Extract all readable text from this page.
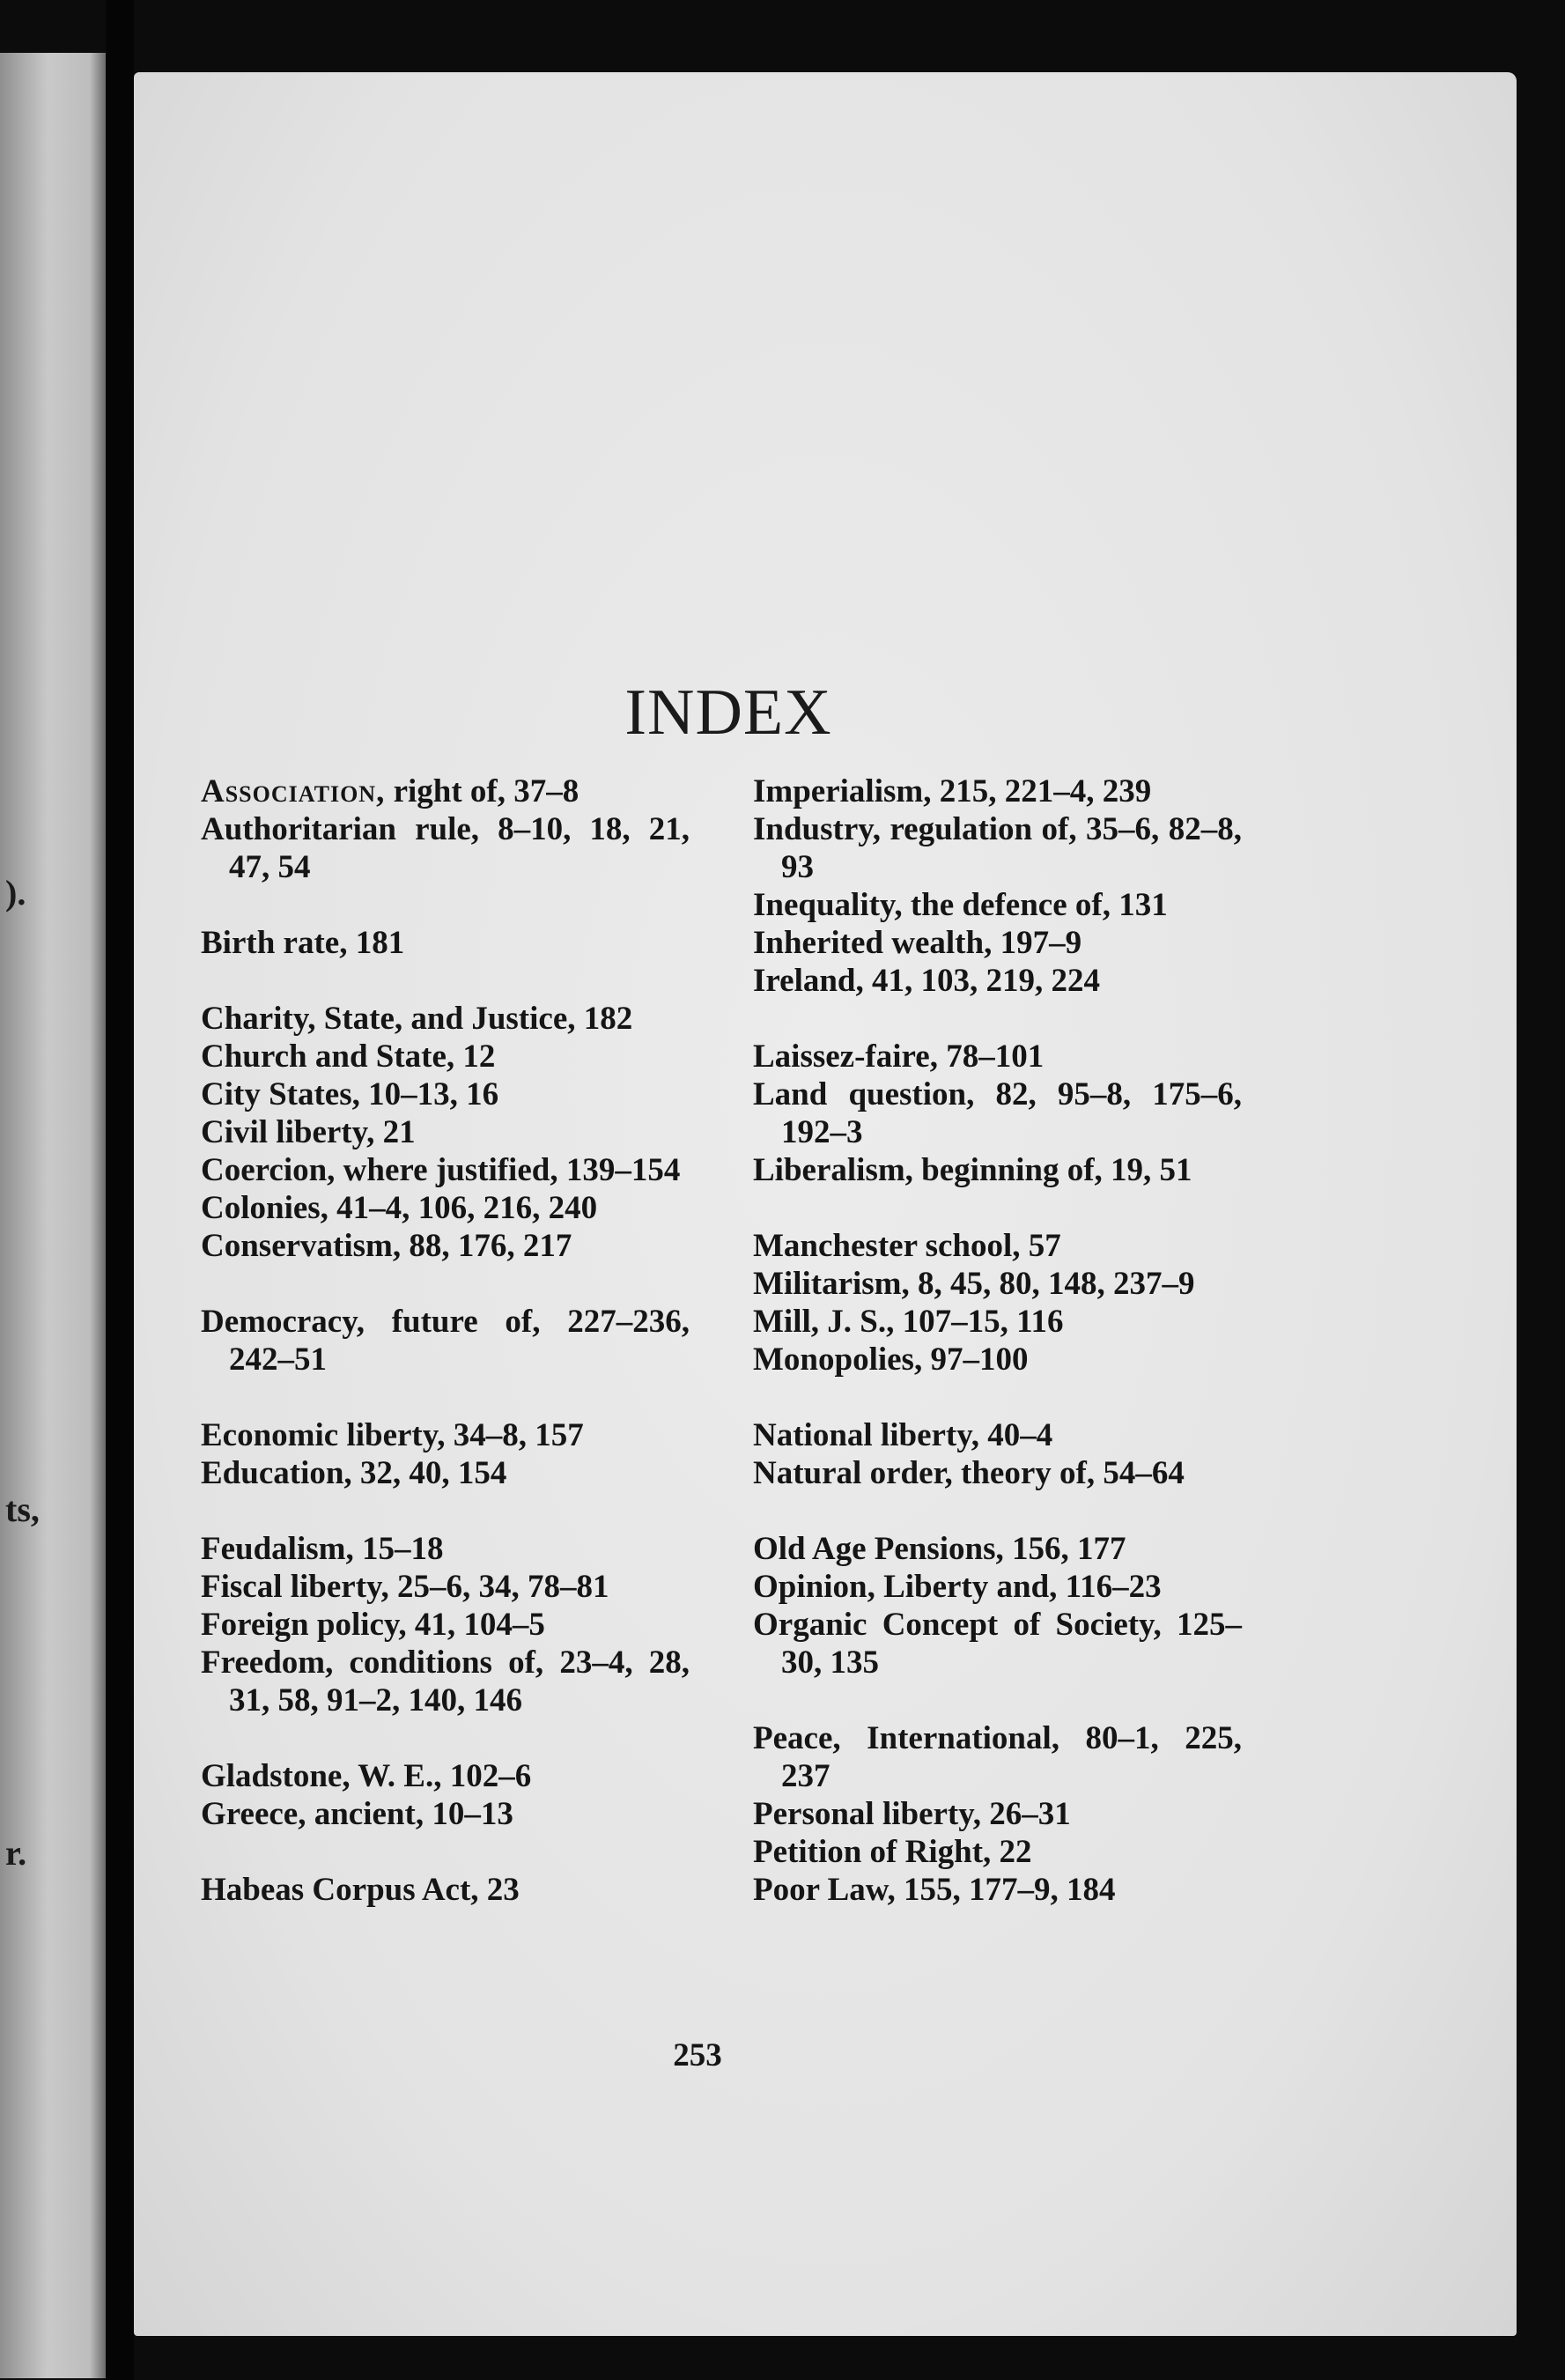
).
ts,
r.
INDEX
Association, right of, 37–8
Authoritarian rule, 8–10, 18, 21, 47, 54
Birth rate, 181
Charity, State, and Justice, 182
Church and State, 12
City States, 10–13, 16
Civil liberty, 21
Coercion, where justified, 139–154
Colonies, 41–4, 106, 216, 240
Conservatism, 88, 176, 217
Democracy, future of, 227–236, 242–51
Economic liberty, 34–8, 157
Education, 32, 40, 154
Feudalism, 15–18
Fiscal liberty, 25–6, 34, 78–81
Foreign policy, 41, 104–5
Freedom, conditions of, 23–4, 28, 31, 58, 91–2, 140, 146
Gladstone, W. E., 102–6
Greece, ancient, 10–13
Habeas Corpus Act, 23
Imperialism, 215, 221–4, 239
Industry, regulation of, 35–6, 82–8, 93
Inequality, the defence of, 131
Inherited wealth, 197–9
Ireland, 41, 103, 219, 224
Laissez-faire, 78–101
Land question, 82, 95–8, 175–6, 192–3
Liberalism, beginning of, 19, 51
Manchester school, 57
Militarism, 8, 45, 80, 148, 237–9
Mill, J. S., 107–15, 116
Monopolies, 97–100
National liberty, 40–4
Natural order, theory of, 54–64
Old Age Pensions, 156, 177
Opinion, Liberty and, 116–23
Organic Concept of Society, 125–30, 135
Peace, International, 80–1, 225, 237
Personal liberty, 26–31
Petition of Right, 22
Poor Law, 155, 177–9, 184
253
